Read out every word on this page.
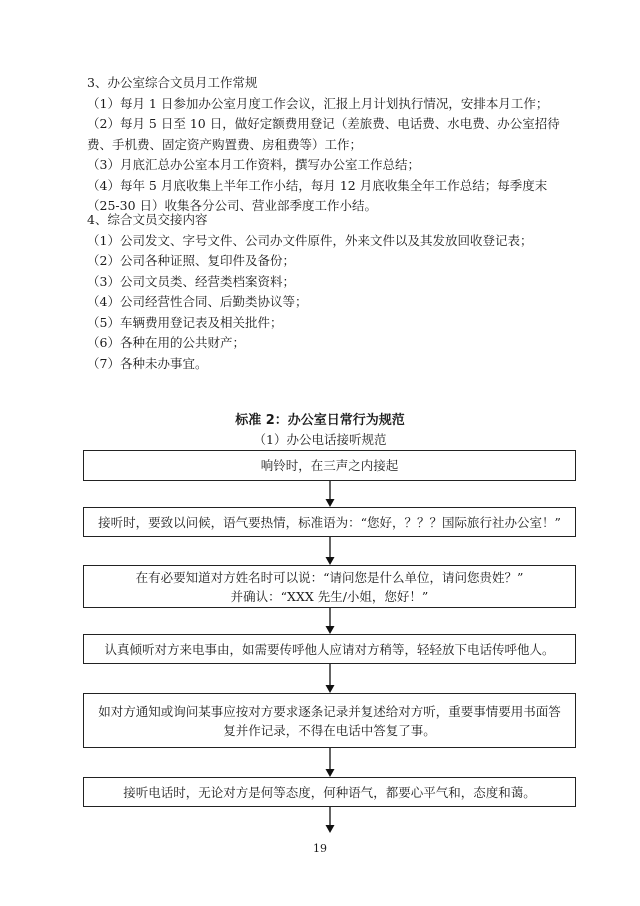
3、办公室综合文员月工作常规
（1）每月 1 日参加办公室月度工作会议，汇报上月计划执行情况，安排本月工作；
（2）每月 5 日至 10 日，做好定额费用登记（差旅费、电话费、水电费、办公室招待
费、手机费、固定资产购置费、房租费等）工作；
（3）月底汇总办公室本月工作资料，撰写办公室工作总结；
（4）每年 5 月底收集上半年工作小结，每月 12 月底收集全年工作总结；每季度末
（25-30 日）收集各分公司、营业部季度工作小结。
4、综合文员交接内容
（1）公司发文、字号文件、公司办文件原件，外来文件以及其发放回收登记表；
（2）公司各种证照、复印件及备份；
（3）公司文员类、经营类档案资料；
（4）公司经营性合同、后勤类协议等；
（5）车辆费用登记表及相关批件；
（6）各种在用的公共财产；
（7）各种未办事宜。
标准 2：办公室日常行为规范
（1）办公电话接听规范
响铃时，在三声之内接起
接听时，要致以问候，语气要热情，标准语为：“您好，？？？国际旅行社办公室！”
在有必要知道对方姓名时可以说：“请问您是什么单位，请问您贵姓？”
并确认：“XXX 先生/小姐，您好！”
认真倾听对方来电事由，如需要传呼他人应请对方稍等，轻轻放下电话传呼他人。
如对方通知或询问某事应按对方要求逐条记录并复述给对方听，重要事情要用书面答
复并作记录，不得在电话中答复了事。
接听电话时，无论对方是何等态度，何种语气，都要心平气和，态度和蔼。
19
